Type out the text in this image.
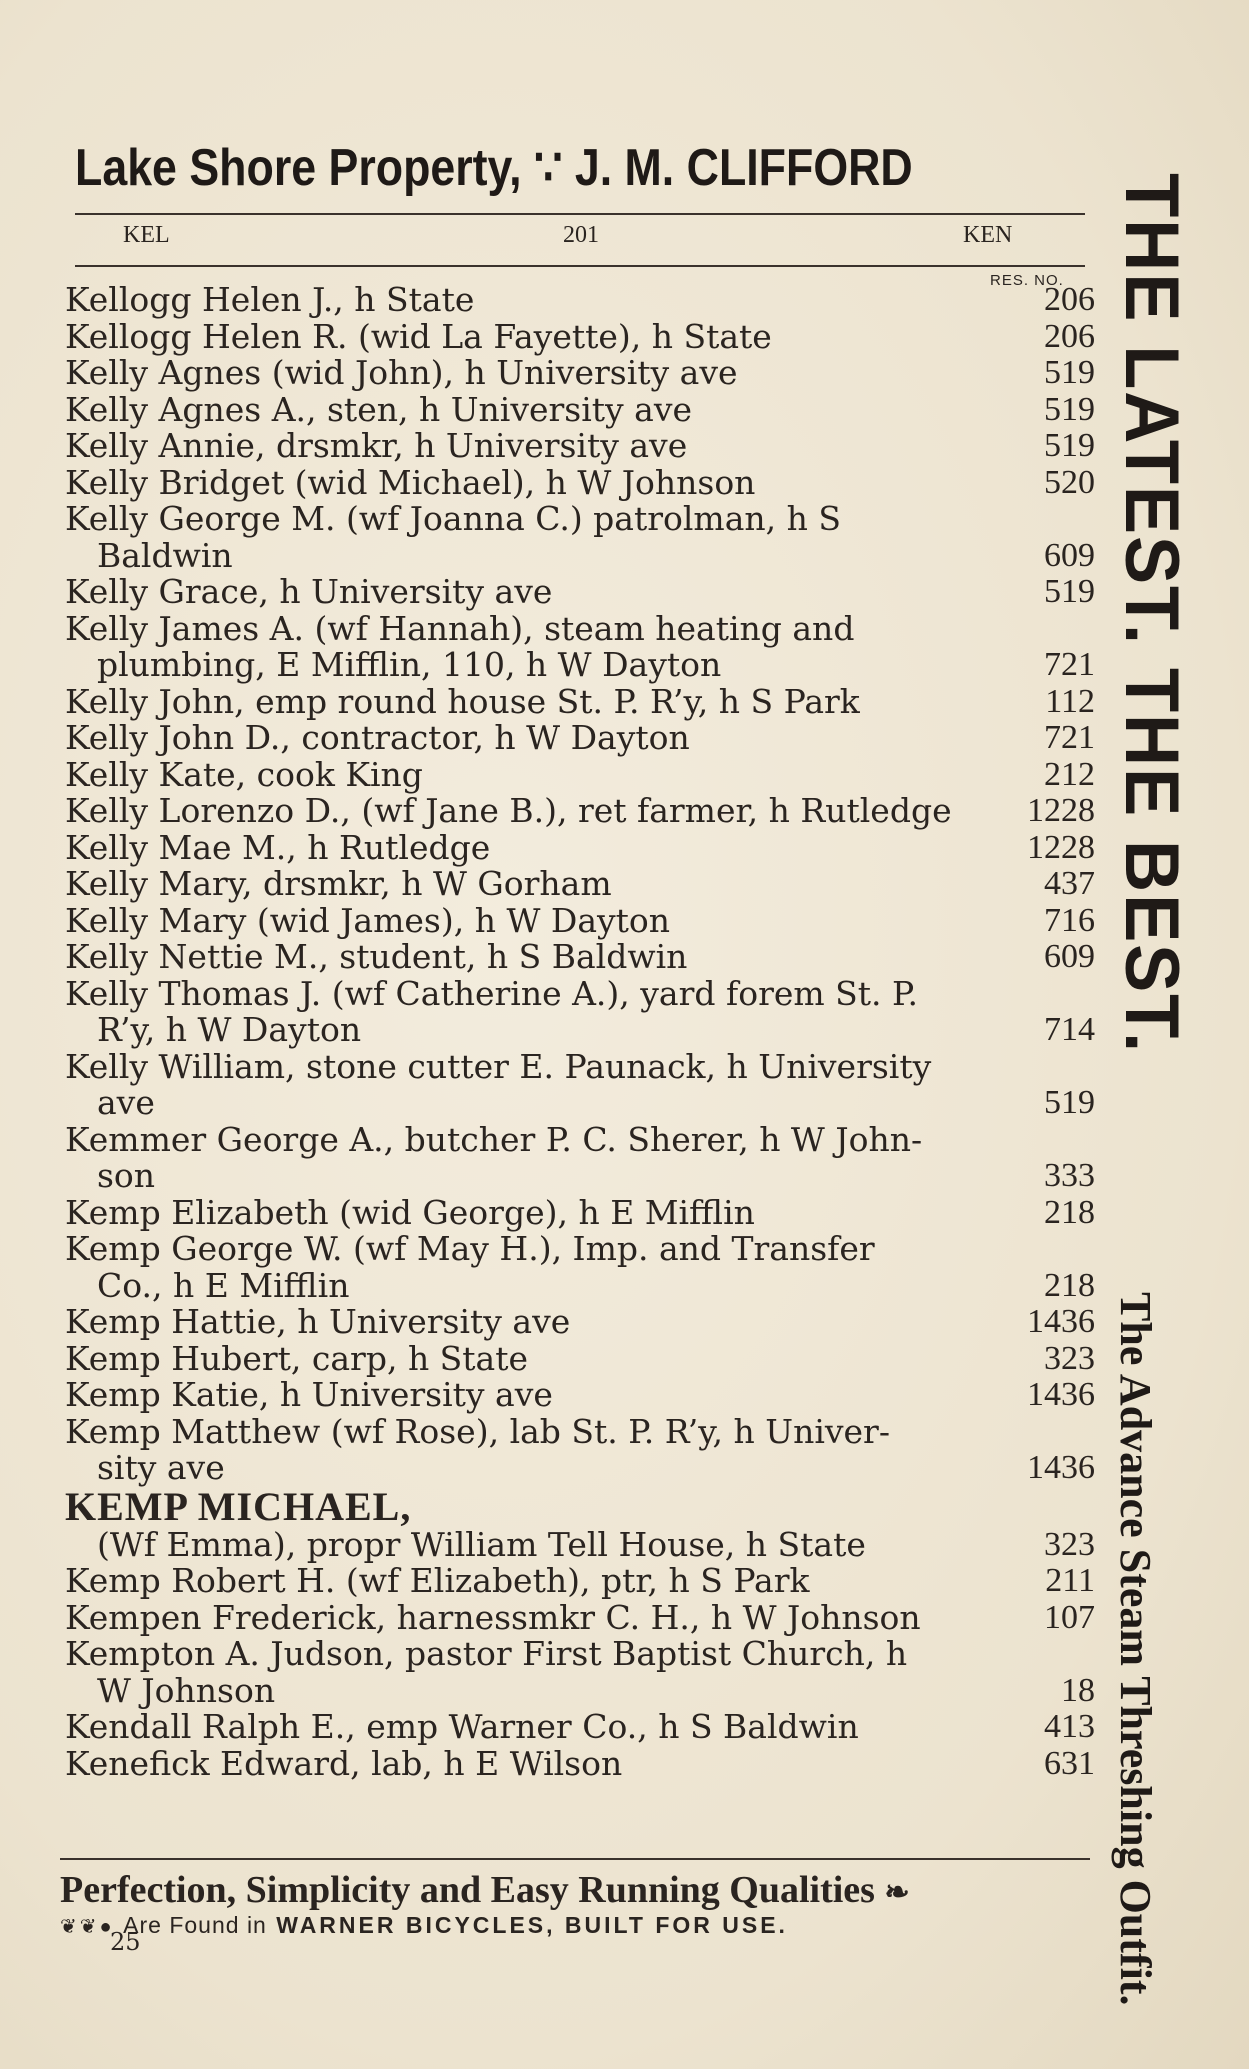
Lake Shore Property, ∵ J. M. CLIFFORD
KEL	201	KEN
RES. NO.
Kellogg Helen J., h State	206
Kellogg Helen R. (wid La Fayette), h State	206
Kelly Agnes (wid John), h University ave	519
Kelly Agnes A., sten, h University ave	519
Kelly Annie, drsmkr, h University ave	519
Kelly Bridget (wid Michael), h W Johnson	520
Kelly George M. (wf Joanna C.) patrolman, h S
Baldwin	609
Kelly Grace, h University ave	519
Kelly James A. (wf Hannah), steam heating and
plumbing, E Mifflin, 110, h W Dayton	721
Kelly John, emp round house St. P. R’y, h S Park	112
Kelly John D., contractor, h W Dayton	721
Kelly Kate, cook King	212
Kelly Lorenzo D., (wf Jane B.), ret farmer, h Rutledge	1228
Kelly Mae M., h Rutledge	1228
Kelly Mary, drsmkr, h W Gorham	437
Kelly Mary (wid James), h W Dayton	716
Kelly Nettie M., student, h S Baldwin	609
Kelly Thomas J. (wf Catherine A.), yard forem St. P.
R’y, h W Dayton	714
Kelly William, stone cutter E. Paunack, h University
ave	519
Kemmer George A., butcher P. C. Sherer, h W John-
son	333
Kemp Elizabeth (wid George), h E Mifflin	218
Kemp George W. (wf May H.), Imp. and Transfer
Co., h E Mifflin	218
Kemp Hattie, h University ave	1436
Kemp Hubert, carp, h State	323
Kemp Katie, h University ave	1436
Kemp Matthew (wf Rose), lab St. P. R’y, h Univer-
sity ave	1436
KEMP MICHAEL,
(Wf Emma), propr William Tell House, h State	323
Kemp Robert H. (wf Elizabeth), ptr, h S Park	211
Kempen Frederick, harnessmkr C. H., h W Johnson	107
Kempton A. Judson, pastor First Baptist Church, h
W Johnson	18
Kendall Ralph E., emp Warner Co., h S Baldwin	413
Kenefick Edward, lab, h E Wilson	631
THE LATEST. THE BEST.
The Advance Steam Threshing Outfit.
Perfection, Simplicity and Easy Running Qualities ❧
❦❦● Are Found in WARNER BICYCLES, BUILT FOR USE.
25
